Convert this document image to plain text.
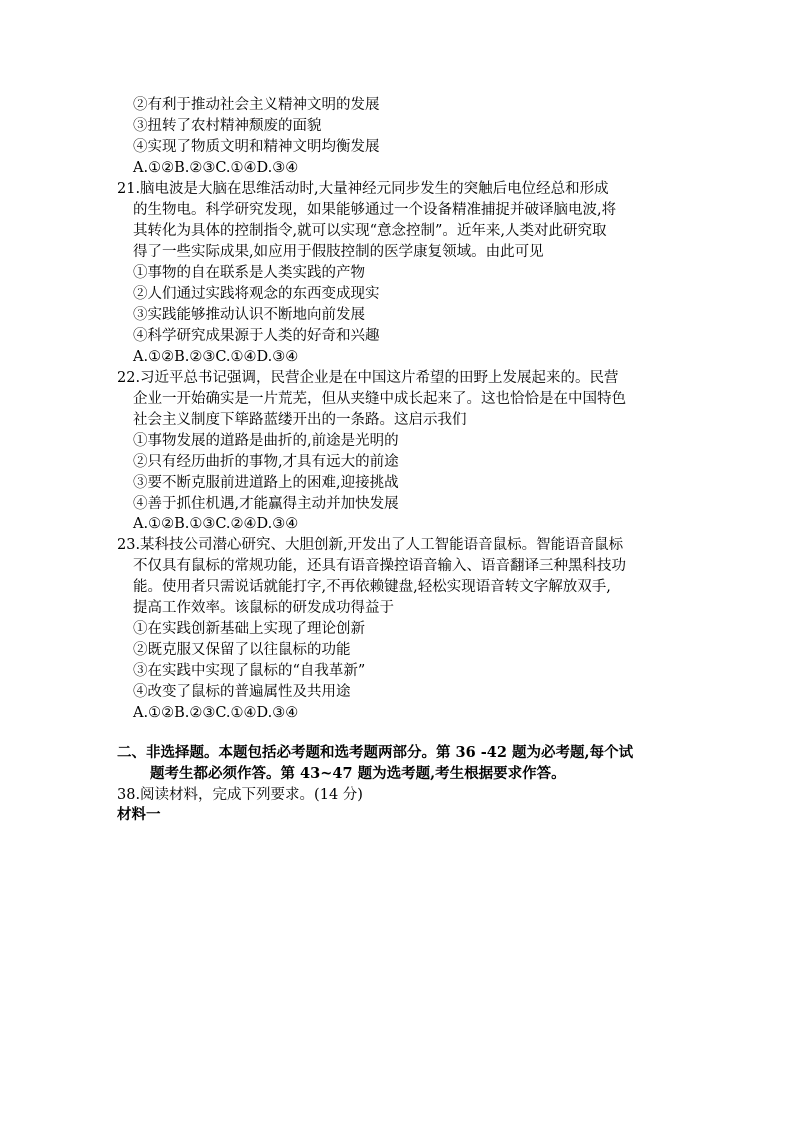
②有利于推动社会主义精神文明的发展
③扭转了农村精神颓废的面貌
④实现了物质文明和精神文明均衡发展
A.①②B.②③C.①④D.③④
21.脑电波是大脑在思维活动时,大量神经元同步发生的突触后电位经总和形成
的生物电。科学研究发现，如果能够通过一个设备精准捕捉并破译脑电波,将
其转化为具体的控制指令,就可以实现“意念控制”。近年来,人类对此研究取
得了一些实际成果,如应用于假肢控制的医学康复领域。由此可见
①事物的自在联系是人类实践的产物
②人们通过实践将观念的东西变成现实
③实践能够推动认识不断地向前发展
④科学研究成果源于人类的好奇和兴趣
A.①②B.②③C.①④D.③④
22.习近平总书记强调，民营企业是在中国这片希望的田野上发展起来的。民营
企业一开始确实是一片荒芜，但从夹缝中成长起来了。这也恰恰是在中国特色
社会主义制度下筚路蓝缕开出的一条路。这启示我们
①事物发展的道路是曲折的,前途是光明的
②只有经历曲折的事物,才具有远大的前途
③要不断克服前进道路上的困难,迎接挑战
④善于抓住机遇,才能赢得主动并加快发展
A.①②B.①③C.②④D.③④
23.某科技公司潜心研究、大胆创新,开发出了人工智能语音鼠标。智能语音鼠标
不仅具有鼠标的常规功能，还具有语音操控语音输入、语音翻译三种黑科技功
能。使用者只需说话就能打字,不再依赖键盘,轻松实现语音转文字解放双手,
提高工作效率。该鼠标的研发成功得益于
①在实践创新基础上实现了理论创新
②既克服又保留了以往鼠标的功能
③在实践中实现了鼠标的“自我革新”
④改变了鼠标的普遍属性及共用途
A.①②B.②③C.①④D.③④
二、非选择题。本题包括必考题和选考题两部分。第 36 -42 题为必考题,每个试
题考生都必须作答。第 43~47 题为选考题,考生根据要求作答。
38.阅读材料，完成下列要求。(14 分)
材料一
